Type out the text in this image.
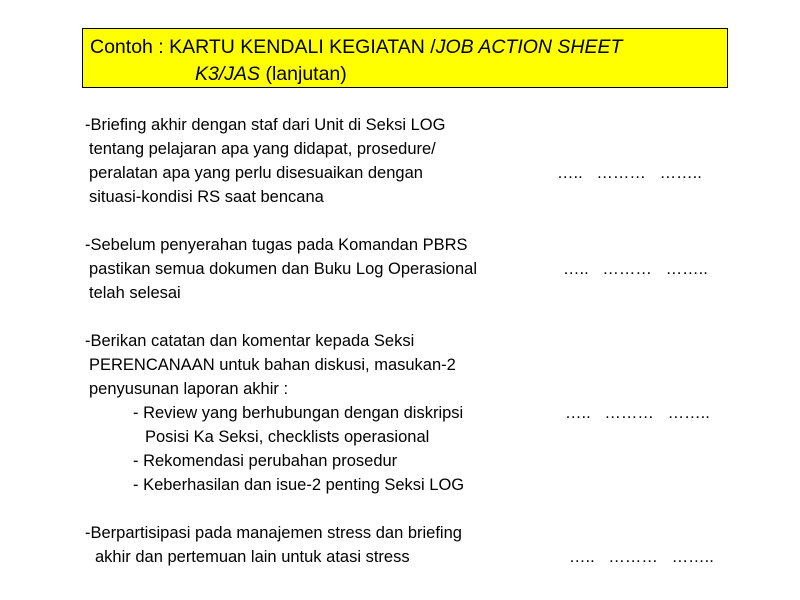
Contoh : KARTU KENDALI KEGIATAN /JOB ACTION SHEET
K3/JAS (lanjutan)
-Briefing akhir dengan staf dari Unit di Seksi LOG
tentang pelajaran apa yang didapat, prosedure/
peralatan apa yang perlu disesuaikan dengan
situasi-kondisi RS saat bencana
…..   ………   ……..
-Sebelum penyerahan tugas pada Komandan PBRS
pastikan semua dokumen dan Buku Log Operasional
telah selesai
…..   ………   ……..
-Berikan catatan dan komentar kepada Seksi
PERENCANAAN untuk bahan diskusi, masukan-2
penyusunan laporan akhir :
- Review yang berhubungan dengan diskripsi
Posisi Ka Seksi, checklists operasional
- Rekomendasi perubahan prosedur
- Keberhasilan dan isue-2 penting Seksi LOG
…..   ………   ……..
-Berpartisipasi pada manajemen stress dan briefing
akhir dan pertemuan lain untuk atasi stress	…..   ………   ……..
